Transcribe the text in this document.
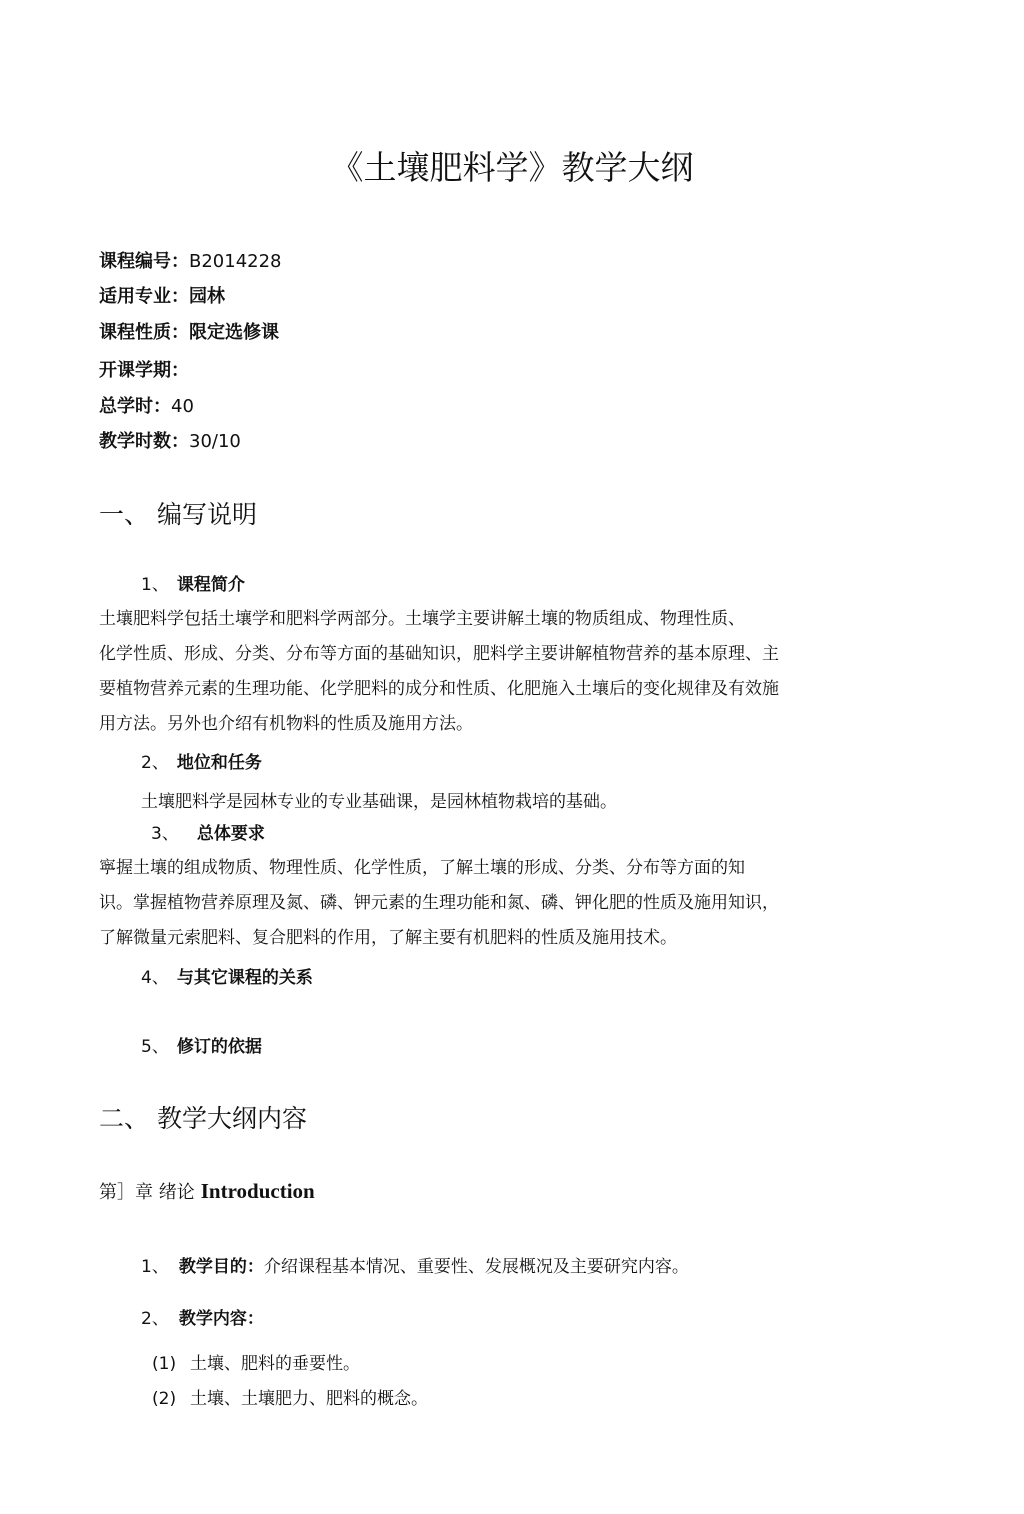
《土壤肥料学》教学大纲
课程编号：B2014228
适用专业：园林
课程性质：限定选修课
开课学期：
总学时：40
教学时数：30/10
一、 编写说明
1、 课程简介
土壤肥料学包括土壤学和肥料学两部分。土壤学主要讲解土壤的物质组成、物理性质、
化学性质、形成、分类、分布等方面的基础知识，肥料学主要讲解植物营养的基本原理、主
要植物营养元素的生理功能、化学肥料的成分和性质、化肥施入土壤后的变化规律及有效施
用方法。另外也介绍有机物料的性质及施用方法。
2、 地位和任务
土壤肥料学是园林专业的专业基础课，是园林植物栽培的基础。
3、 总体要求
寧握土壤的组成物质、物理性质、化学性质，了解土壤的形成、分类、分布等方面的知
识。掌握植物营养原理及氮、磷、钾元素的生理功能和氮、磷、钾化肥的性质及施用知识，
了解微量元索肥料、复合肥料的作用，了解主要有机肥料的性质及施用技术。
4、 与其它课程的关系
5、 修订的依据
二、 教学大纲内容
第］章 绪论 Introduction
1、 教学目的：介绍课程基本情况、重要性、发展概况及主要研究内容。
2、 教学内容：
(1) 土壤、肥料的垂要性。
(2) 土壤、土壤肥力、肥料的概念。
